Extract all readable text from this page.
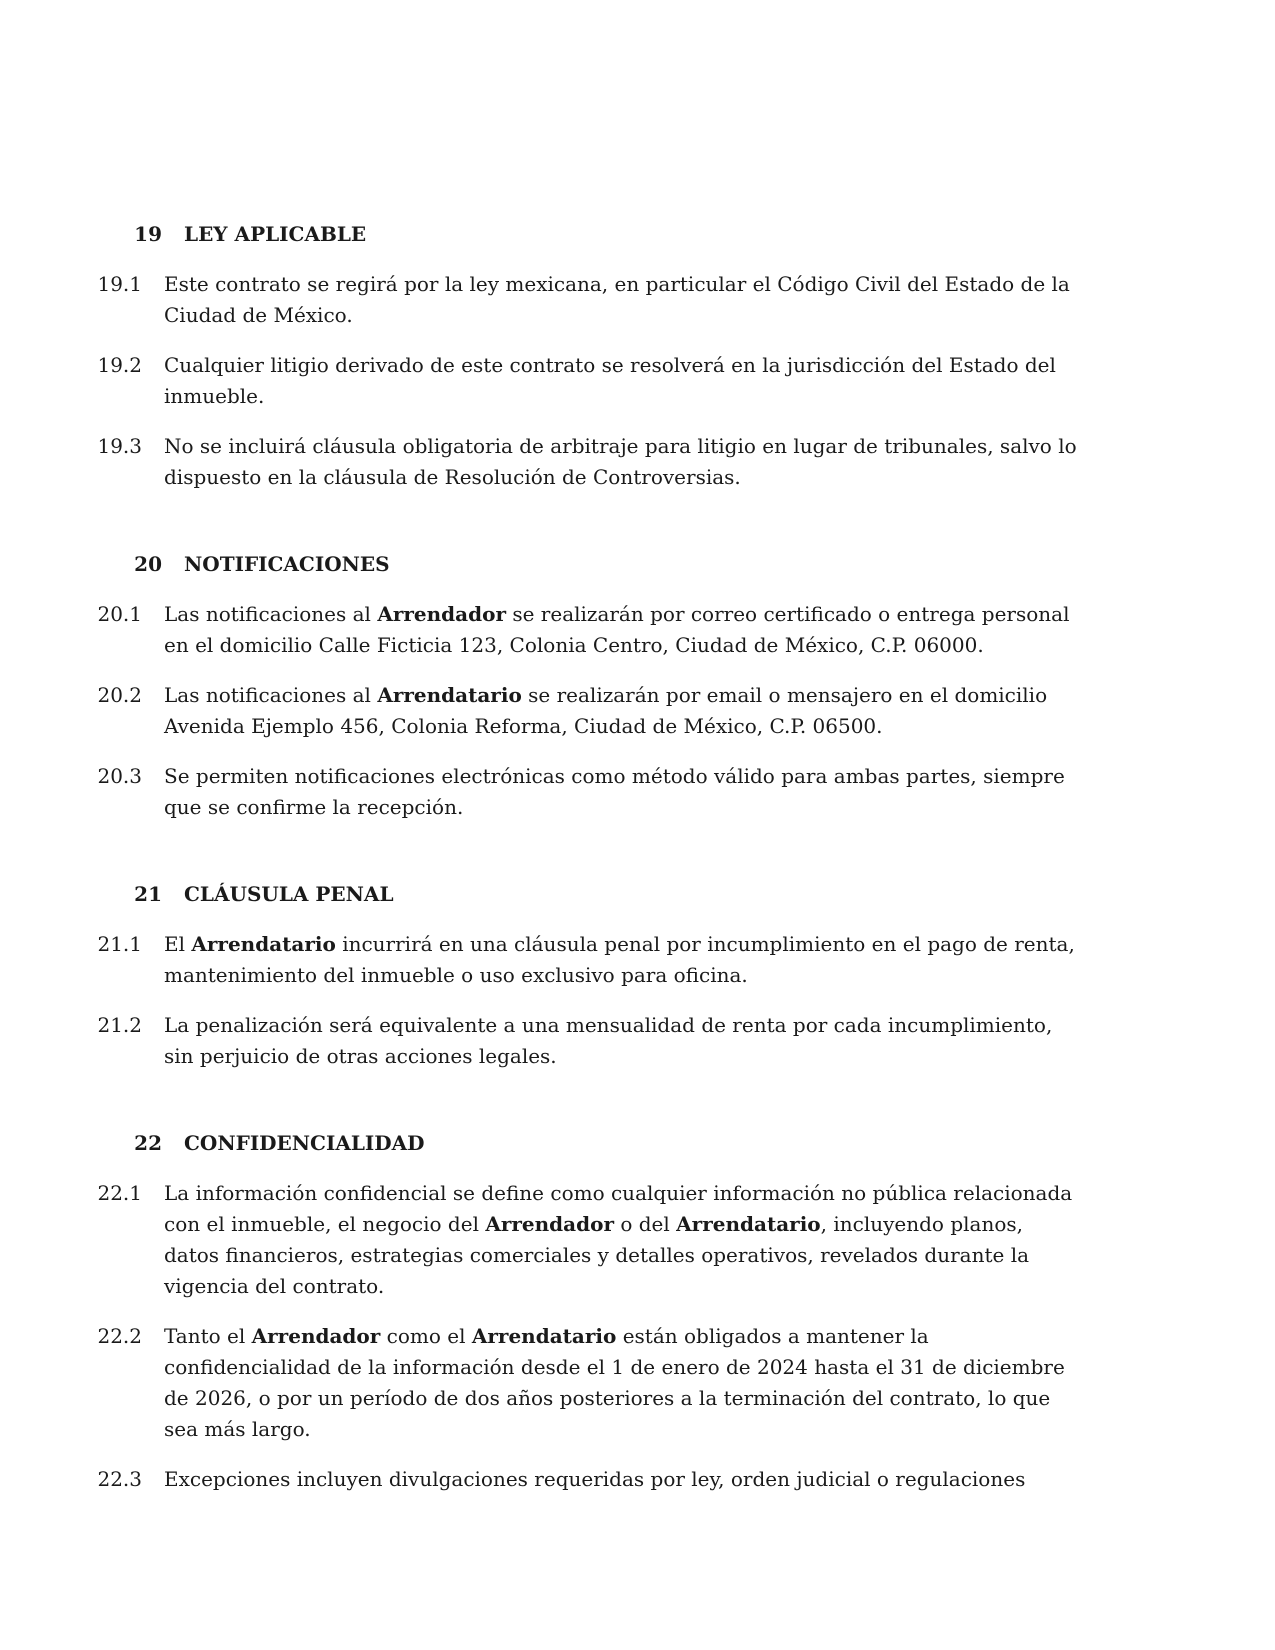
19	LEY APLICABLE
19.1 Este contrato se regirá por la ley mexicana, en particular el Código Civil del Estado de la Ciudad de México.
19.2 Cualquier litigio derivado de este contrato se resolverá en la jurisdicción del Estado del inmueble.
19.3 No se incluirá cláusula obligatoria de arbitraje para litigio en lugar de tribunales, salvo lo dispuesto en la cláusula de Resolución de Controversias.
20	NOTIFICACIONES
20.1 Las notificaciones al Arrendador se realizarán por correo certificado o entrega personal en el domicilio Calle Ficticia 123, Colonia Centro, Ciudad de México, C.P. 06000.
20.2 Las notificaciones al Arrendatario se realizarán por email o mensajero en el domicilio Avenida Ejemplo 456, Colonia Reforma, Ciudad de México, C.P. 06500.
20.3 Se permiten notificaciones electrónicas como método válido para ambas partes, siempre que se confirme la recepción.
21	CLÁUSULA PENAL
21.1 El Arrendatario incurrirá en una cláusula penal por incumplimiento en el pago de renta, mantenimiento del inmueble o uso exclusivo para oficina.
21.2 La penalización será equivalente a una mensualidad de renta por cada incumplimiento, sin perjuicio de otras acciones legales.
22	CONFIDENCIALIDAD
22.1 La información confidencial se define como cualquier información no pública relacionada con el inmueble, el negocio del Arrendador o del Arrendatario, incluyendo planos, datos financieros, estrategias comerciales y detalles operativos, revelados durante la vigencia del contrato.
22.2 Tanto el Arrendador como el Arrendatario están obligados a mantener la confidencialidad de la información desde el 1 de enero de 2024 hasta el 31 de diciembre de 2026, o por un período de dos años posteriores a la terminación del contrato, lo que sea más largo.
22.3 Excepciones incluyen divulgaciones requeridas por ley, orden judicial o regulaciones
